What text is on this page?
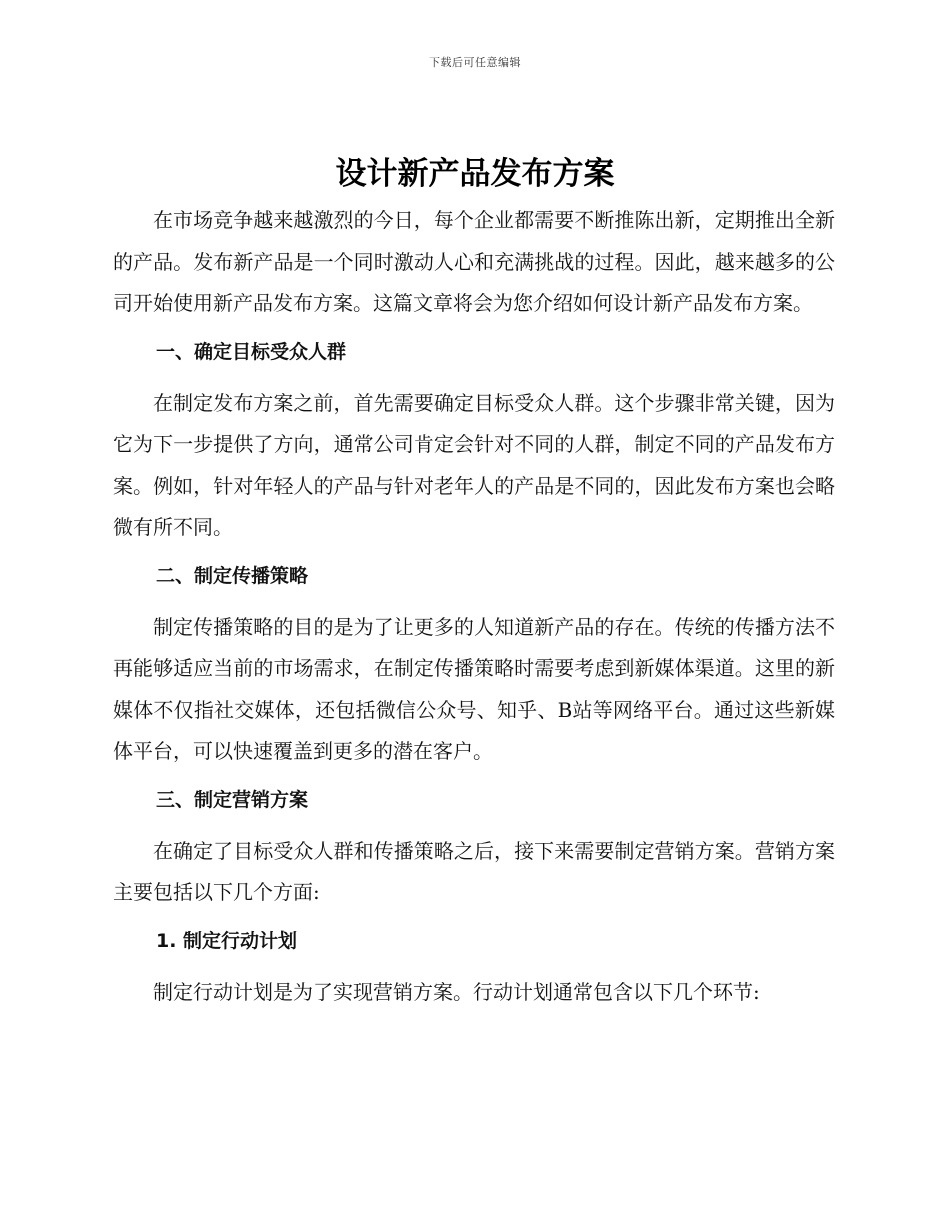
下载后可任意编辑
设计新产品发布方案

在市场竞争越来越激烈的今日，每个企业都需要不断推陈出新，定期推出全新的产品。发布新产品是一个同时激动人心和充满挑战的过程。因此，越来越多的公司开始使用新产品发布方案。这篇文章将会为您介绍如何设计新产品发布方案。

一、确定目标受众人群

在制定发布方案之前，首先需要确定目标受众人群。这个步骤非常关键，因为它为下一步提供了方向，通常公司肯定会针对不同的人群，制定不同的产品发布方案。例如，针对年轻人的产品与针对老年人的产品是不同的，因此发布方案也会略微有所不同。

二、制定传播策略

制定传播策略的目的是为了让更多的人知道新产品的存在。传统的传播方法不再能够适应当前的市场需求，在制定传播策略时需要考虑到新媒体渠道。这里的新媒体不仅指社交媒体，还包括微信公众号、知乎、B站等网络平台。通过这些新媒体平台，可以快速覆盖到更多的潜在客户。

三、制定营销方案

在确定了目标受众人群和传播策略之后，接下来需要制定营销方案。营销方案主要包括以下几个方面:

1. 制定行动计划

制定行动计划是为了实现营销方案。行动计划通常包含以下几个环节:
